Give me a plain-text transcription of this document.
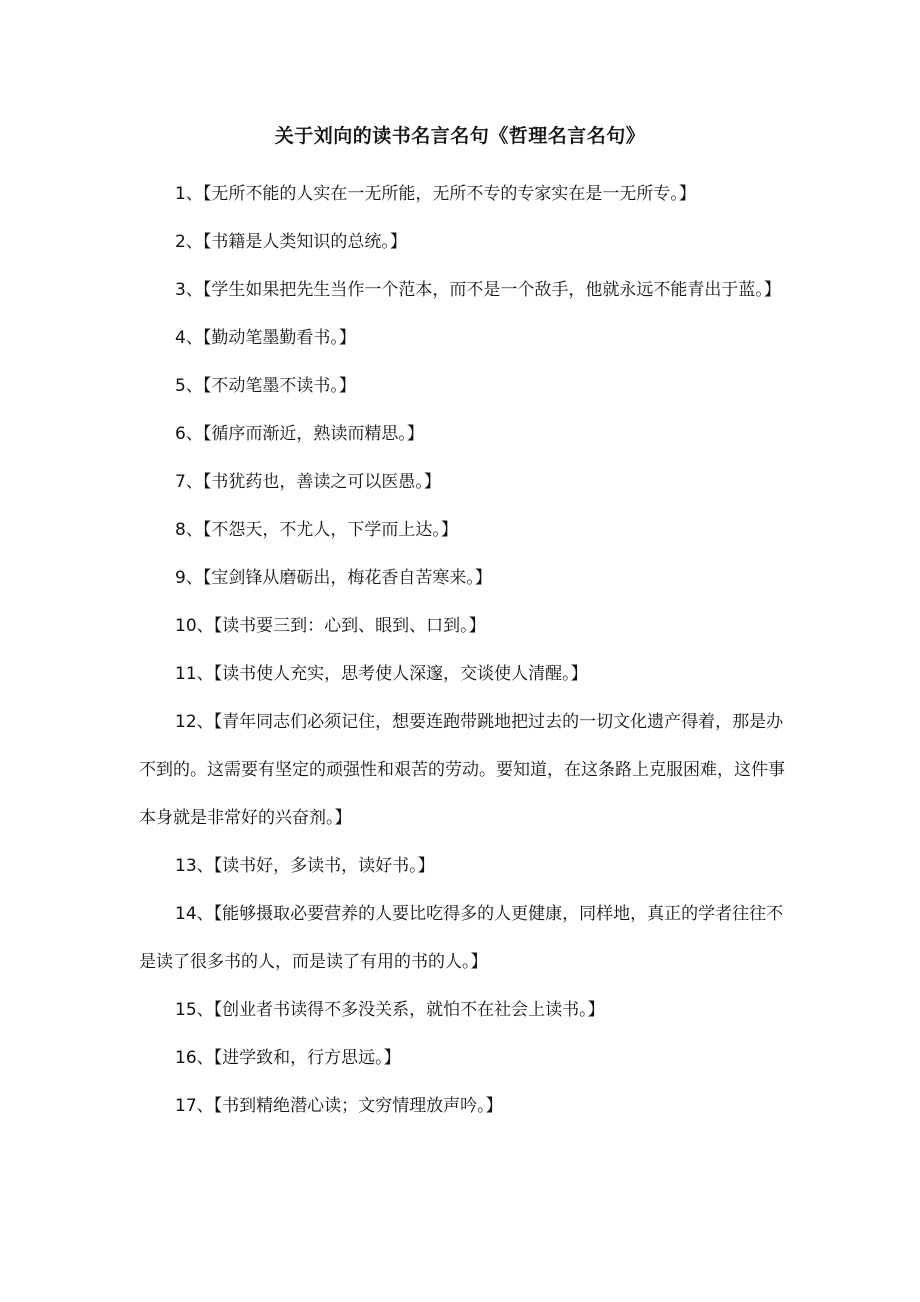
关于刘向的读书名言名句《哲理名言名句》

1、【无所不能的人实在一无所能，无所不专的专家实在是一无所专。】

2、【书籍是人类知识的总统。】

3、【学生如果把先生当作一个范本，而不是一个敌手，他就永远不能青出于蓝。】

4、【勤动笔墨勤看书。】

5、【不动笔墨不读书。】

6、【循序而渐近，熟读而精思。】

7、【书犹药也，善读之可以医愚。】

8、【不怨天，不尤人，下学而上达。】

9、【宝剑锋从磨砺出，梅花香自苦寒来。】

10、【读书要三到：心到、眼到、口到。】

11、【读书使人充实，思考使人深邃，交谈使人清醒。】

12、【青年同志们必须记住，想要连跑带跳地把过去的一切文化遗产得着，那是办不到的。这需要有坚定的顽强性和艰苦的劳动。要知道，在这条路上克服困难，这件事本身就是非常好的兴奋剂。】

13、【读书好，多读书，读好书。】

14、【能够摄取必要营养的人要比吃得多的人更健康，同样地，真正的学者往往不是读了很多书的人，而是读了有用的书的人。】

15、【创业者书读得不多没关系，就怕不在社会上读书。】

16、【进学致和，行方思远。】

17、【书到精绝潜心读；文穷情理放声吟。】
